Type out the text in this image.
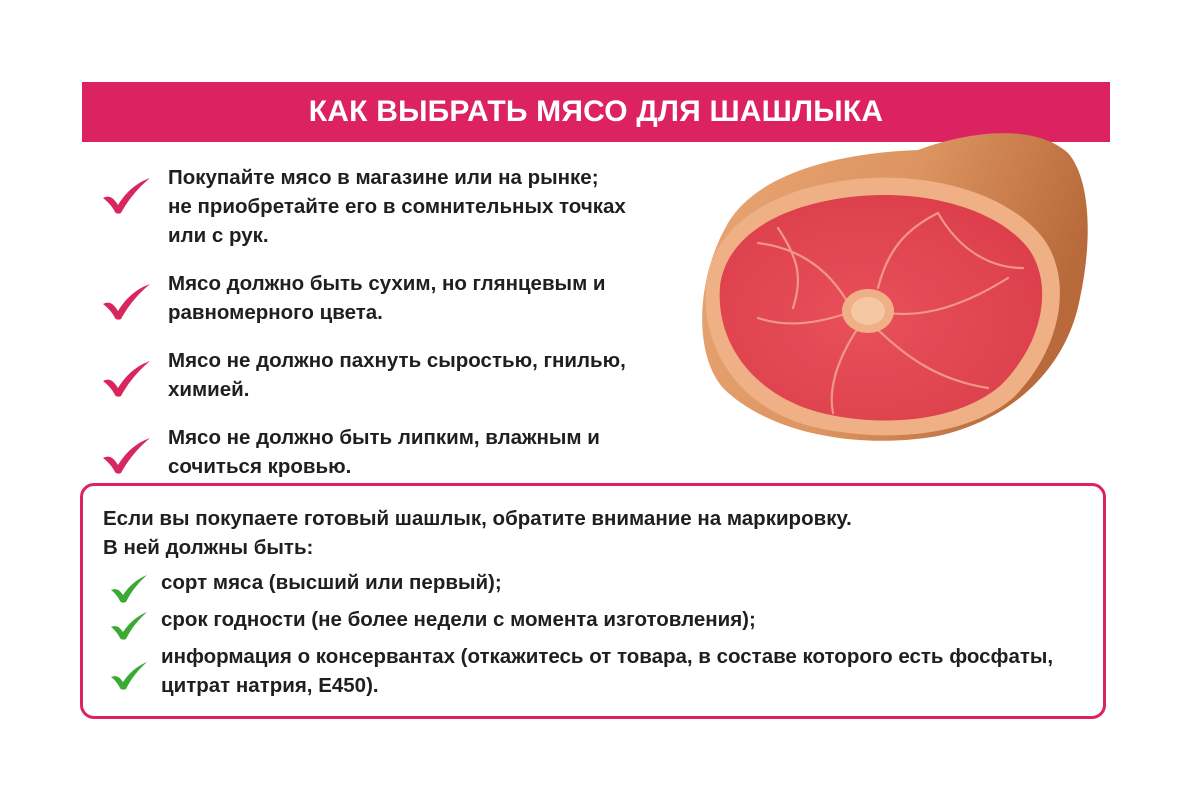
КАК ВЫБРАТЬ МЯСО ДЛЯ ШАШЛЫКА
Покупайте мясо в магазине или на рынке;
не приобретайте его в сомнительных точках
или с рук.
Мясо должно быть сухим, но глянцевым и
равномерного цвета.
Мясо не должно пахнуть сыростью, гнилью,
химией.
Мясо не должно быть липким, влажным и
сочиться кровью.
Если вы покупаете готовый шашлык, обратите внимание на маркировку.
В ней должны быть:
сорт мяса (высший или первый);
срок годности (не более недели с момента изготовления);
информация о консервантах (откажитесь от товара, в составе которого есть фосфаты,
цитрат натрия, Е450).
